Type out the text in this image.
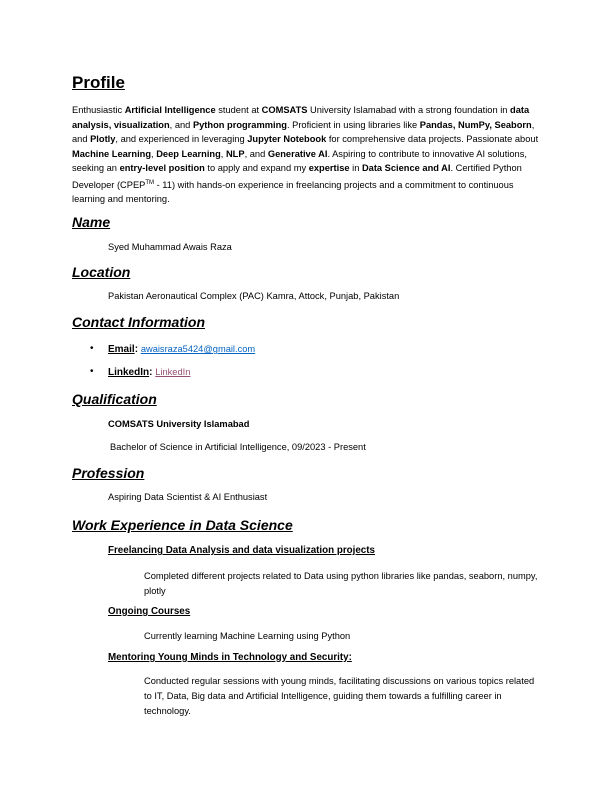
Profile
Enthusiastic Artificial Intelligence student at COMSATS University Islamabad with a strong foundation in data analysis, visualization, and Python programming. Proficient in using libraries like Pandas, NumPy, Seaborn, and Plotly, and experienced in leveraging Jupyter Notebook for comprehensive data projects. Passionate about Machine Learning, Deep Learning, NLP, and Generative AI. Aspiring to contribute to innovative AI solutions, seeking an entry-level position to apply and expand my expertise in Data Science and AI. Certified Python Developer (CPEP™ - 11) with hands-on experience in freelancing projects and a commitment to continuous learning and mentoring.
Name
Syed Muhammad Awais Raza
Location
Pakistan Aeronautical Complex (PAC) Kamra, Attock, Punjab, Pakistan
Contact Information
• Email: awaisraza5424@gmail.com
• LinkedIn: LinkedIn
Qualification
COMSATS University Islamabad
Bachelor of Science in Artificial Intelligence, 09/2023 - Present
Profession
Aspiring Data Scientist & AI Enthusiast
Work Experience in Data Science
Freelancing Data Analysis and data visualization projects
Completed different projects related to Data using python libraries like pandas, seaborn, numpy, plotly
Ongoing Courses
Currently learning Machine Learning using Python
Mentoring Young Minds in Technology and Security:
Conducted regular sessions with young minds, facilitating discussions on various topics related to IT, Data, Big data and Artificial Intelligence, guiding them towards a fulfilling career in technology.
